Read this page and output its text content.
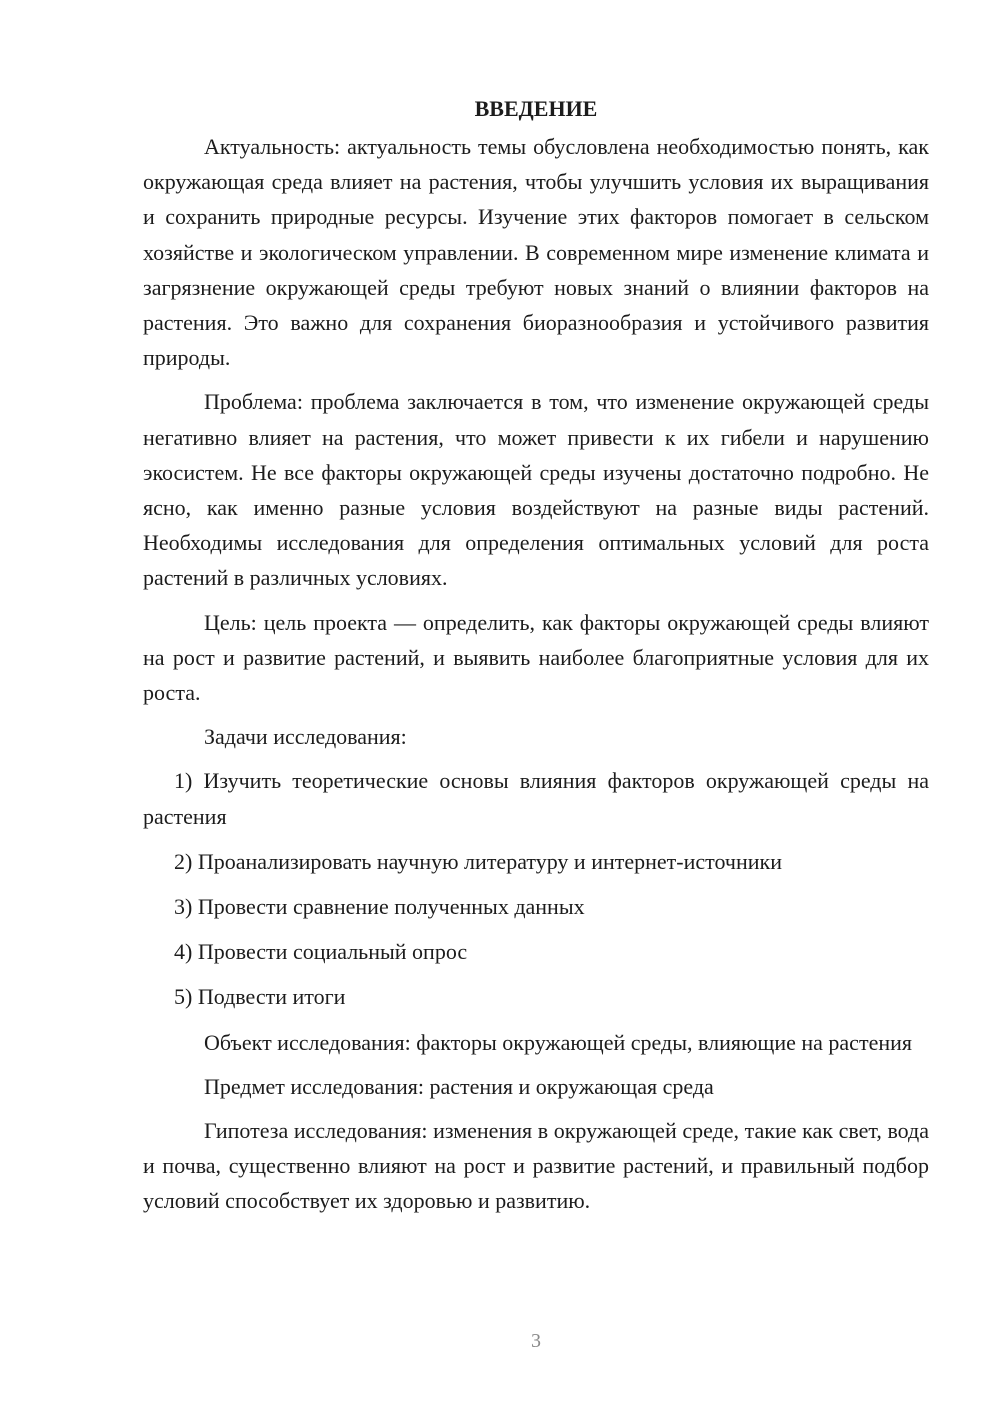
ВВЕДЕНИЕ

Актуальность: актуальность темы обусловлена необходимостью понять, как окружающая среда влияет на растения, чтобы улучшить условия их выращивания и сохранить природные ресурсы. Изучение этих факторов помогает в сельском хозяйстве и экологическом управлении. В современном мире изменение климата и загрязнение окружающей среды требуют новых знаний о влиянии факторов на растения. Это важно для сохранения биоразнообразия и устойчивого развития природы.

Проблема: проблема заключается в том, что изменение окружающей среды негативно влияет на растения, что может привести к их гибели и нарушению экосистем. Не все факторы окружающей среды изучены достаточно подробно. Не ясно, как именно разные условия воздействуют на разные виды растений. Необходимы исследования для определения оптимальных условий для роста растений в различных условиях.

Цель: цель проекта — определить, как факторы окружающей среды влияют на рост и развитие растений, и выявить наиболее благоприятные условия для их роста.

Задачи исследования:

1) Изучить теоретические основы влияния факторов окружающей среды на растения

2) Проанализировать научную литературу и интернет-источники

3) Провести сравнение полученных данных

4) Провести социальный опрос

5) Подвести итоги

Объект исследования: факторы окружающей среды, влияющие на растения

Предмет исследования: растения и окружающая среда

Гипотеза исследования: изменения в окружающей среде, такие как свет, вода и почва, существенно влияют на рост и развитие растений, и правильный подбор условий способствует их здоровью и развитию.

3
